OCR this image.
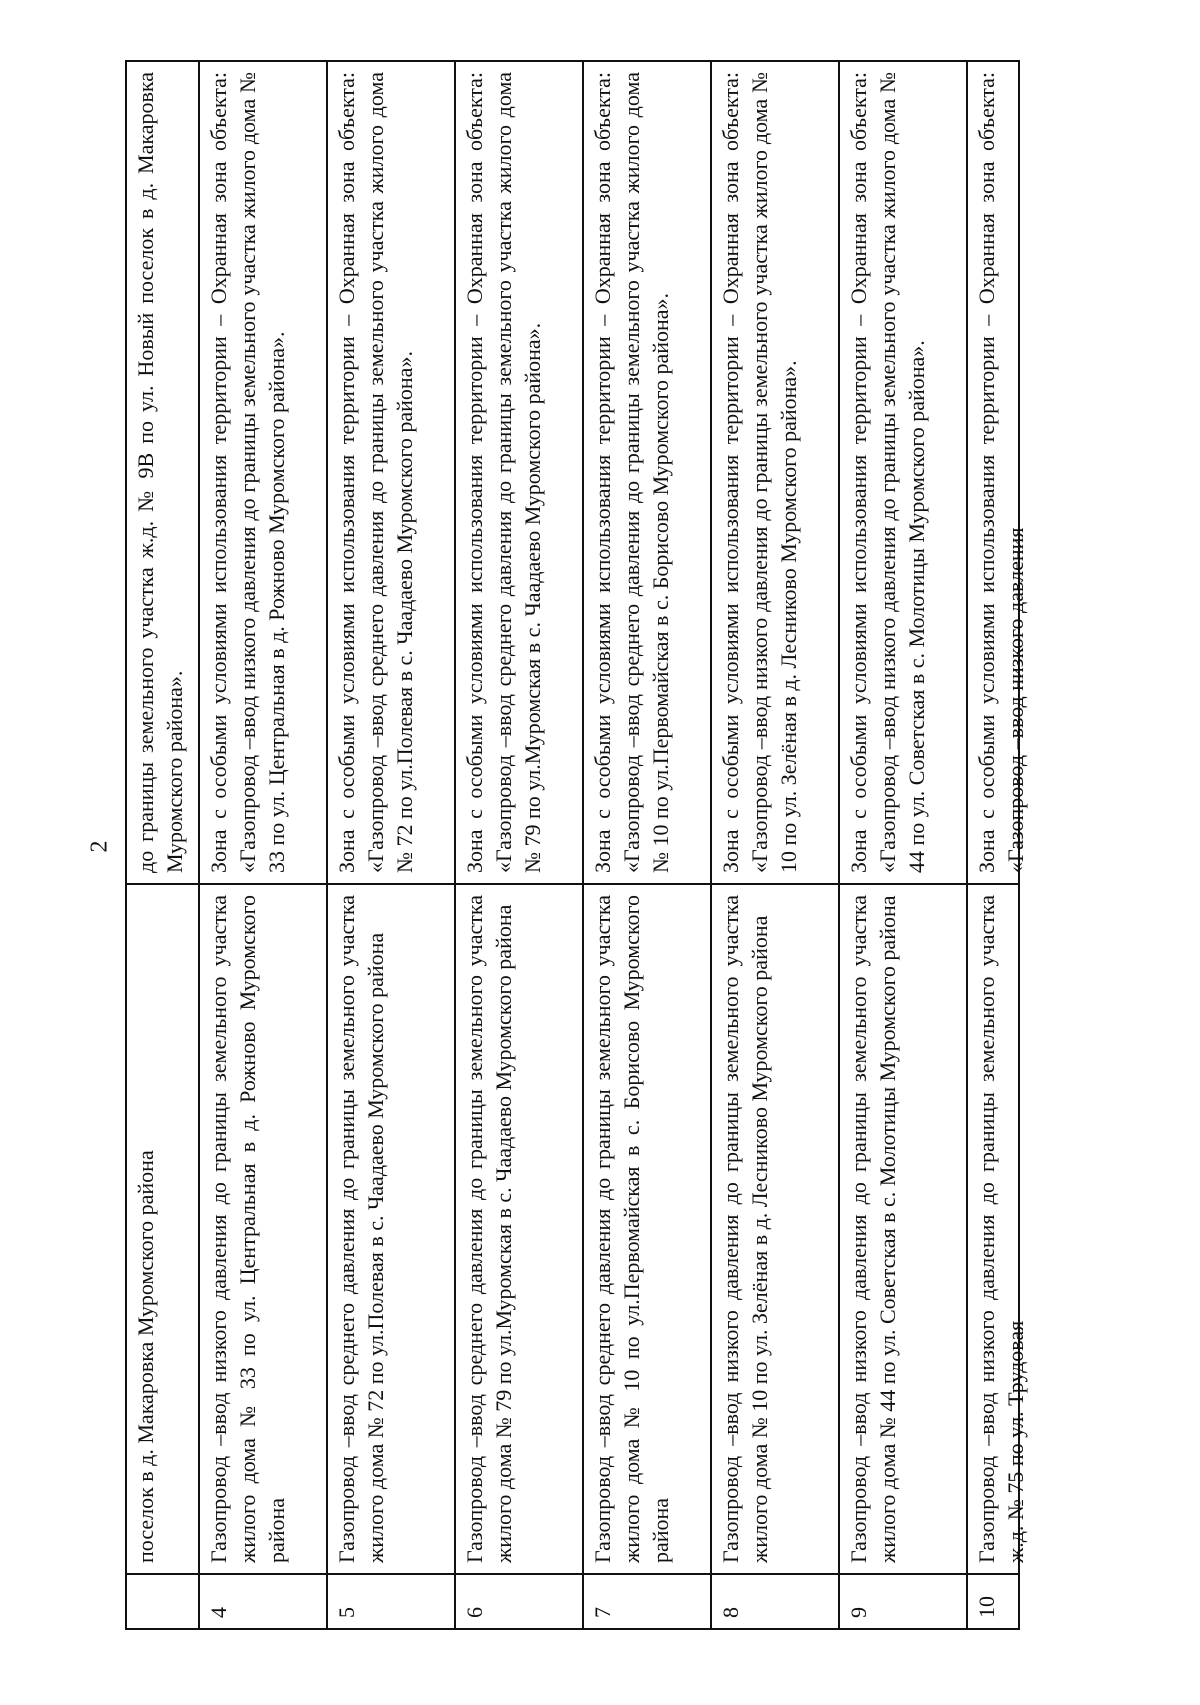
2
	поселок в д. Макаровка Муромского района	до границы земельного участка ж.д. № 9В по ул. Новый поселок в д. Макаровка Муромского района».
4	Газопровод –ввод низкого давления до границы земельного участка жилого дома № 33 по ул. Центральная в д. Рожново Муромского района	Зона с особыми условиями использования территории – Охранная зона объекта: «Газопровод –ввод низкого давления до границы земельного участка жилого дома № 33 по ул. Центральная в д. Рожново Муромского района».
5	Газопровод –ввод среднего давления до границы земельного участка жилого дома № 72 по ул.Полевая в с. Чаадаево Муромского района	Зона с особыми условиями использования территории – Охранная зона объекта: «Газопровод –ввод среднего давления до границы земельного участка жилого дома № 72 по ул.Полевая в с. Чаадаево Муромского района».
6	Газопровод –ввод среднего давления до границы земельного участка жилого дома № 79 по ул.Муромская в с. Чаадаево Муромского района	Зона с особыми условиями использования территории – Охранная зона объекта: «Газопровод –ввод среднего давления до границы земельного участка жилого дома № 79 по ул.Муромская в с. Чаадаево Муромского района».
7	Газопровод –ввод среднего давления до границы земельного участка жилого дома № 10 по ул.Первомайская в с. Борисово Муромского района	Зона с особыми условиями использования территории – Охранная зона объекта: «Газопровод –ввод среднего давления до границы земельного участка жилого дома № 10 по ул.Первомайская в с. Борисово Муромского района».
8	Газопровод –ввод низкого давления до границы земельного участка жилого дома № 10 по ул. Зелёная в д. Лесниково Муромского района	Зона с особыми условиями использования территории – Охранная зона объекта: «Газопровод –ввод низкого давления до границы земельного участка жилого дома № 10 по ул. Зелёная в д. Лесниково Муромского района».
9	Газопровод –ввод низкого давления до границы земельного участка жилого дома № 44 по ул. Советская в с. Молотицы Муромского района	Зона с особыми условиями использования территории – Охранная зона объекта: «Газопровод –ввод низкого давления до границы земельного участка жилого дома № 44 по ул. Советская в с. Молотицы Муромского района».

10	Газопровод –ввод низкого давления до границы земельного участка ж.д. № 75 по ул. Трудовая	Зона с особыми условиями использования территории – Охранная зона объекта: «Газопровод –ввод низкого давления
